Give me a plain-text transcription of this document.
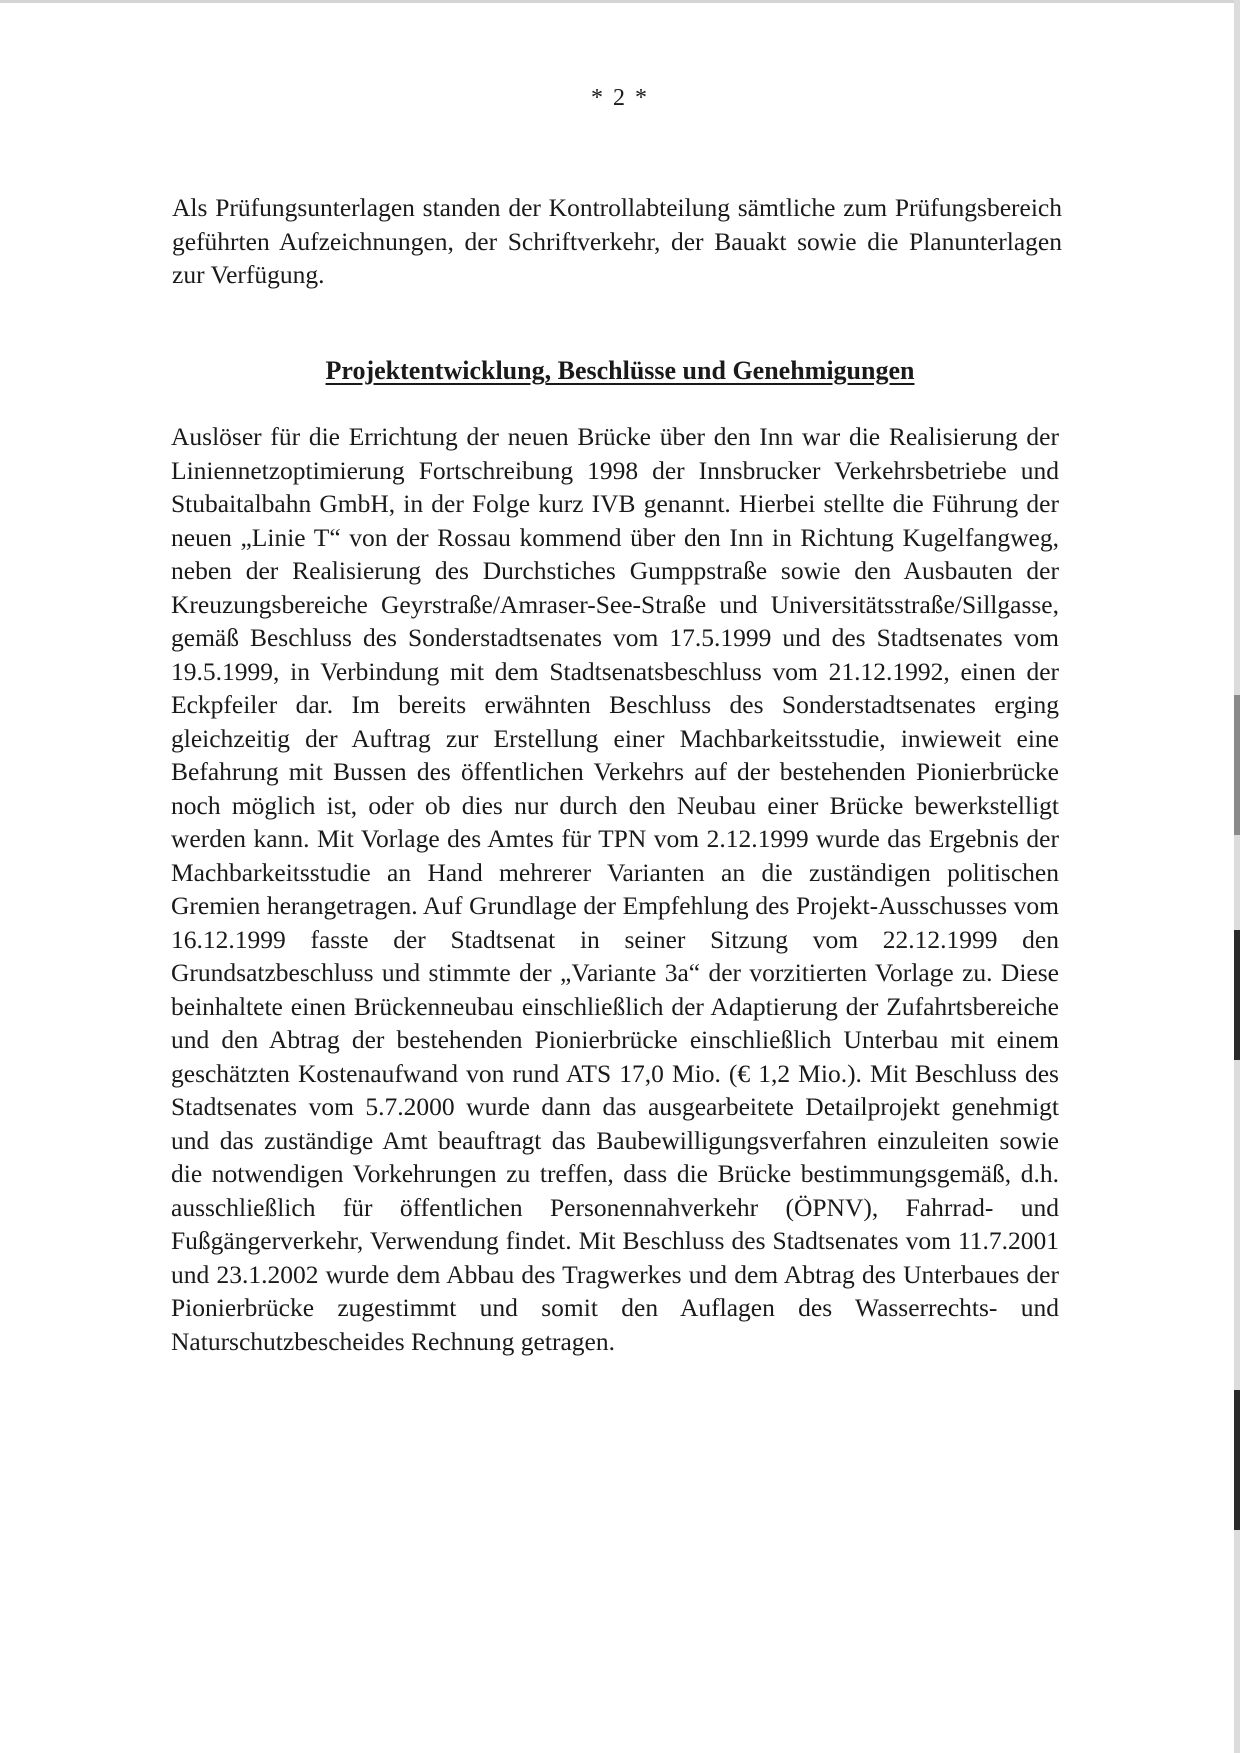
* 2 *

Als Prüfungsunterlagen standen der Kontrollabteilung sämtliche zum Prüfungsbereich geführten Aufzeichnungen, der Schriftverkehr, der Bauakt sowie die Planunterlagen zur Verfügung.

Projektentwicklung, Beschlüsse und Genehmigungen

Auslöser für die Errichtung der neuen Brücke über den Inn war die Realisierung der Liniennetzoptimierung Fortschreibung 1998 der Innsbrucker Verkehrsbetriebe und Stubaitalbahn GmbH, in der Folge kurz IVB genannt. Hierbei stellte die Führung der neuen „Linie T“ von der Rossau kommend über den Inn in Richtung Kugelfangweg, neben der Realisierung des Durchstiches Gumppstraße sowie den Ausbauten der Kreuzungsbereiche Geyrstraße/Amraser-See-Straße und Universitätsstraße/Sillgasse, gemäß Beschluss des Sonderstadtsenates vom 17.5.1999 und des Stadtsenates vom 19.5.1999, in Verbindung mit dem Stadtsenatsbeschluss vom 21.12.1992, einen der Eckpfeiler dar. Im bereits erwähnten Beschluss des Sonderstadtsenates erging gleichzeitig der Auftrag zur Erstellung einer Machbarkeitsstudie, inwieweit eine Befahrung mit Bussen des öffentlichen Verkehrs auf der bestehenden Pionierbrücke noch möglich ist, oder ob dies nur durch den Neubau einer Brücke bewerkstelligt werden kann. Mit Vorlage des Amtes für TPN vom 2.12.1999 wurde das Ergebnis der Machbarkeitsstudie an Hand mehrerer Varianten an die zuständigen politischen Gremien herangetragen. Auf Grundlage der Empfehlung des Projekt-Ausschusses vom 16.12.1999 fasste der Stadtsenat in seiner Sitzung vom 22.12.1999 den Grundsatzbeschluss und stimmte der „Variante 3a“ der vorzitierten Vorlage zu. Diese beinhaltete einen Brückenneubau einschließlich der Adaptierung der Zufahrtsbereiche und den Abtrag der bestehenden Pionierbrücke einschließlich Unterbau mit einem geschätzten Kostenaufwand von rund ATS 17,0 Mio. (€ 1,2 Mio.). Mit Beschluss des Stadtsenates vom 5.7.2000 wurde dann das ausgearbeitete Detailprojekt genehmigt und das zuständige Amt beauftragt das Baubewilligungsverfahren einzuleiten sowie die notwendigen Vorkehrungen zu treffen, dass die Brücke bestimmungsgemäß, d.h. ausschließlich für öffentlichen Personennahverkehr (ÖPNV), Fahrrad- und Fußgängerverkehr, Verwendung findet. Mit Beschluss des Stadtsenates vom 11.7.2001 und 23.1.2002 wurde dem Abbau des Tragwerkes und dem Abtrag des Unterbaues der Pionierbrücke zugestimmt und somit den Auflagen des Wasserrechts- und Naturschutzbescheides Rechnung getragen.
